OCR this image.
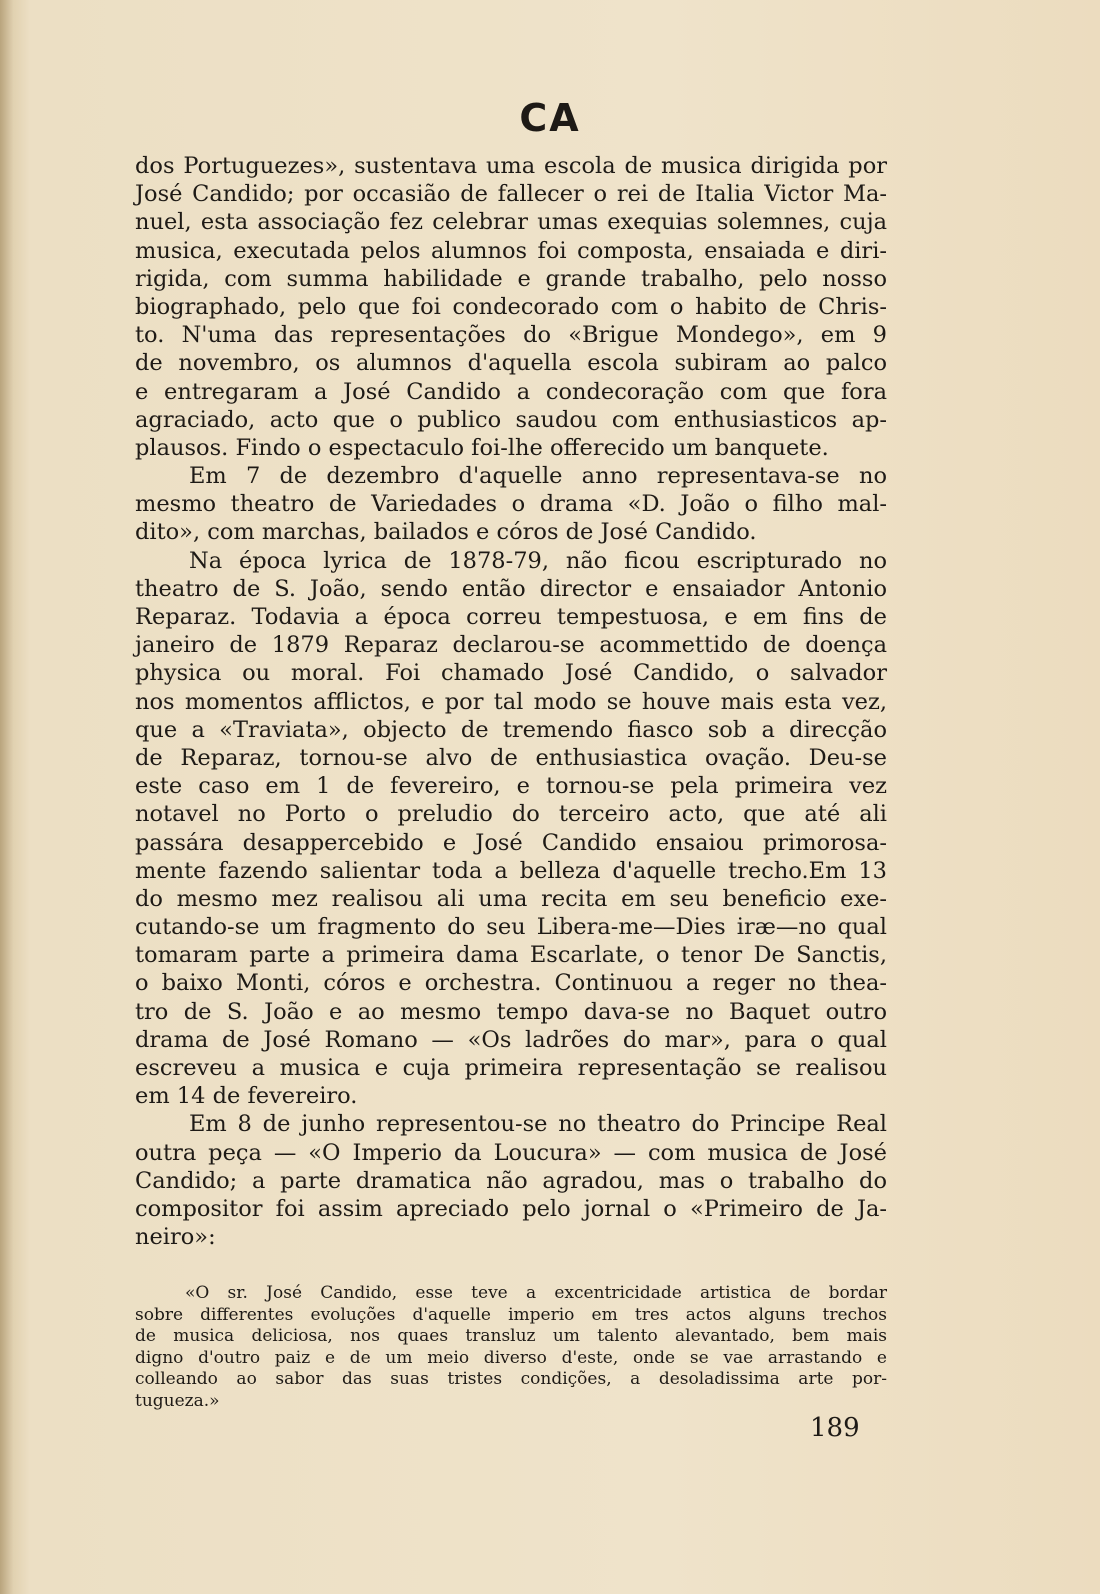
CA
dos Portuguezes», sustentava uma escola de musica dirigida por
José Candido; por occasião de fallecer o rei de Italia Victor Ma-
nuel, esta associação fez celebrar umas exequias solemnes, cuja
musica, executada pelos alumnos foi composta, ensaiada e diri-
rigida, com summa habilidade e grande trabalho, pelo nosso
biographado, pelo que foi condecorado com o habito de Chris-
to. N'uma das representações do «Brigue Mondego», em 9
de novembro, os alumnos d'aquella escola subiram ao palco
e entregaram a José Candido a condecoração com que fora
agraciado, acto que o publico saudou com enthusiasticos ap-
plausos. Findo o espectaculo foi-lhe offerecido um banquete.
Em 7 de dezembro d'aquelle anno representava-se no
mesmo theatro de Variedades o drama «D. João o filho mal-
dito», com marchas, bailados e córos de José Candido.
Na época lyrica de 1878-79, não ficou escripturado no
theatro de S. João, sendo então director e ensaiador Antonio
Reparaz. Todavia a época correu tempestuosa, e em fins de
janeiro de 1879 Reparaz declarou-se acommettido de doença
physica ou moral. Foi chamado José Candido, o salvador
nos momentos afflictos, e por tal modo se houve mais esta vez,
que a «Traviata», objecto de tremendo fiasco sob a direcção
de Reparaz, tornou-se alvo de enthusiastica ovação. Deu-se
este caso em 1 de fevereiro, e tornou-se pela primeira vez
notavel no Porto o preludio do terceiro acto, que até ali
passára desappercebido e José Candido ensaiou primorosa-
mente fazendo salientar toda a belleza d'aquelle trecho.Em 13
do mesmo mez realisou ali uma recita em seu beneficio exe-
cutando-se um fragmento do seu Libera-me—Dies iræ—no qual
tomaram parte a primeira dama Escarlate, o tenor De Sanctis,
o baixo Monti, córos e orchestra. Continuou a reger no thea-
tro de S. João e ao mesmo tempo dava-se no Baquet outro
drama de José Romano — «Os ladrões do mar», para o qual
escreveu a musica e cuja primeira representação se realisou
em 14 de fevereiro.
Em 8 de junho representou-se no theatro do Principe Real
outra peça — «O Imperio da Loucura» — com musica de José
Candido; a parte dramatica não agradou, mas o trabalho do
compositor foi assim apreciado pelo jornal o «Primeiro de Ja-
neiro»:
«O sr. José Candido, esse teve a excentricidade artistica de bordar
sobre differentes evoluções d'aquelle imperio em tres actos alguns trechos
de musica deliciosa, nos quaes transluz um talento alevantado, bem mais
digno d'outro paiz e de um meio diverso d'este, onde se vae arrastando e
colleando ao sabor das suas tristes condições, a desoladissima arte por-
tugueza.»
189
